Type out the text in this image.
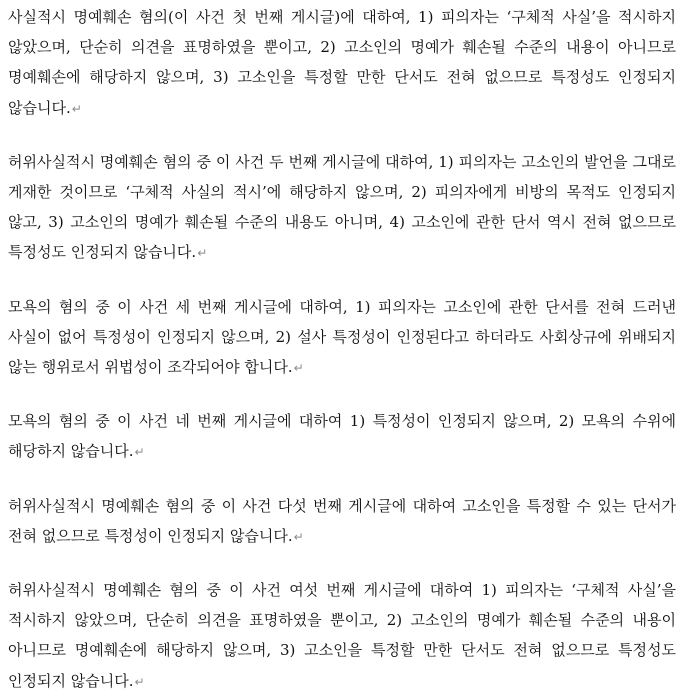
사실적시 명예훼손 혐의(이 사건 첫 번째 게시글)에 대하여, 1) 피의자는 ‘구체적 사실’을 적시하지 않았으며, 단순히 의견을 표명하였을 뿐이고, 2) 고소인의 명예가 훼손될 수준의 내용이 아니므로 명예훼손에 해당하지 않으며, 3) 고소인을 특정할 만한 단서도 전혀 없으므로 특정성도 인정되지 않습니다.↵

허위사실적시 명예훼손 혐의 중 이 사건 두 번째 게시글에 대하여, 1) 피의자는 고소인의 발언을 그대로 게재한 것이므로 ‘구체적 사실의 적시’에 해당하지 않으며, 2) 피의자에게 비방의 목적도 인정되지 않고, 3) 고소인의 명예가 훼손될 수준의 내용도 아니며, 4) 고소인에 관한 단서 역시 전혀 없으므로 특정성도 인정되지 않습니다.↵

모욕의 혐의 중 이 사건 세 번째 게시글에 대하여, 1) 피의자는 고소인에 관한 단서를 전혀 드러낸 사실이 없어 특정성이 인정되지 않으며, 2) 설사 특정성이 인정된다고 하더라도 사회상규에 위배되지 않는 행위로서 위법성이 조각되어야 합니다.↵

모욕의 혐의 중 이 사건 네 번째 게시글에 대하여 1) 특정성이 인정되지 않으며, 2) 모욕의 수위에 해당하지 않습니다.↵

허위사실적시 명예훼손 혐의 중 이 사건 다섯 번째 게시글에 대하여 고소인을 특정할 수 있는 단서가 전혀 없으므로 특정성이 인정되지 않습니다.↵

허위사실적시 명예훼손 혐의 중 이 사건 여섯 번째 게시글에 대하여 1) 피의자는 ‘구체적 사실’을 적시하지 않았으며, 단순히 의견을 표명하였을 뿐이고, 2) 고소인의 명예가 훼손될 수준의 내용이 아니므로 명예훼손에 해당하지 않으며, 3) 고소인을 특정할 만한 단서도 전혀 없으므로 특정성도 인정되지 않습니다.↵
